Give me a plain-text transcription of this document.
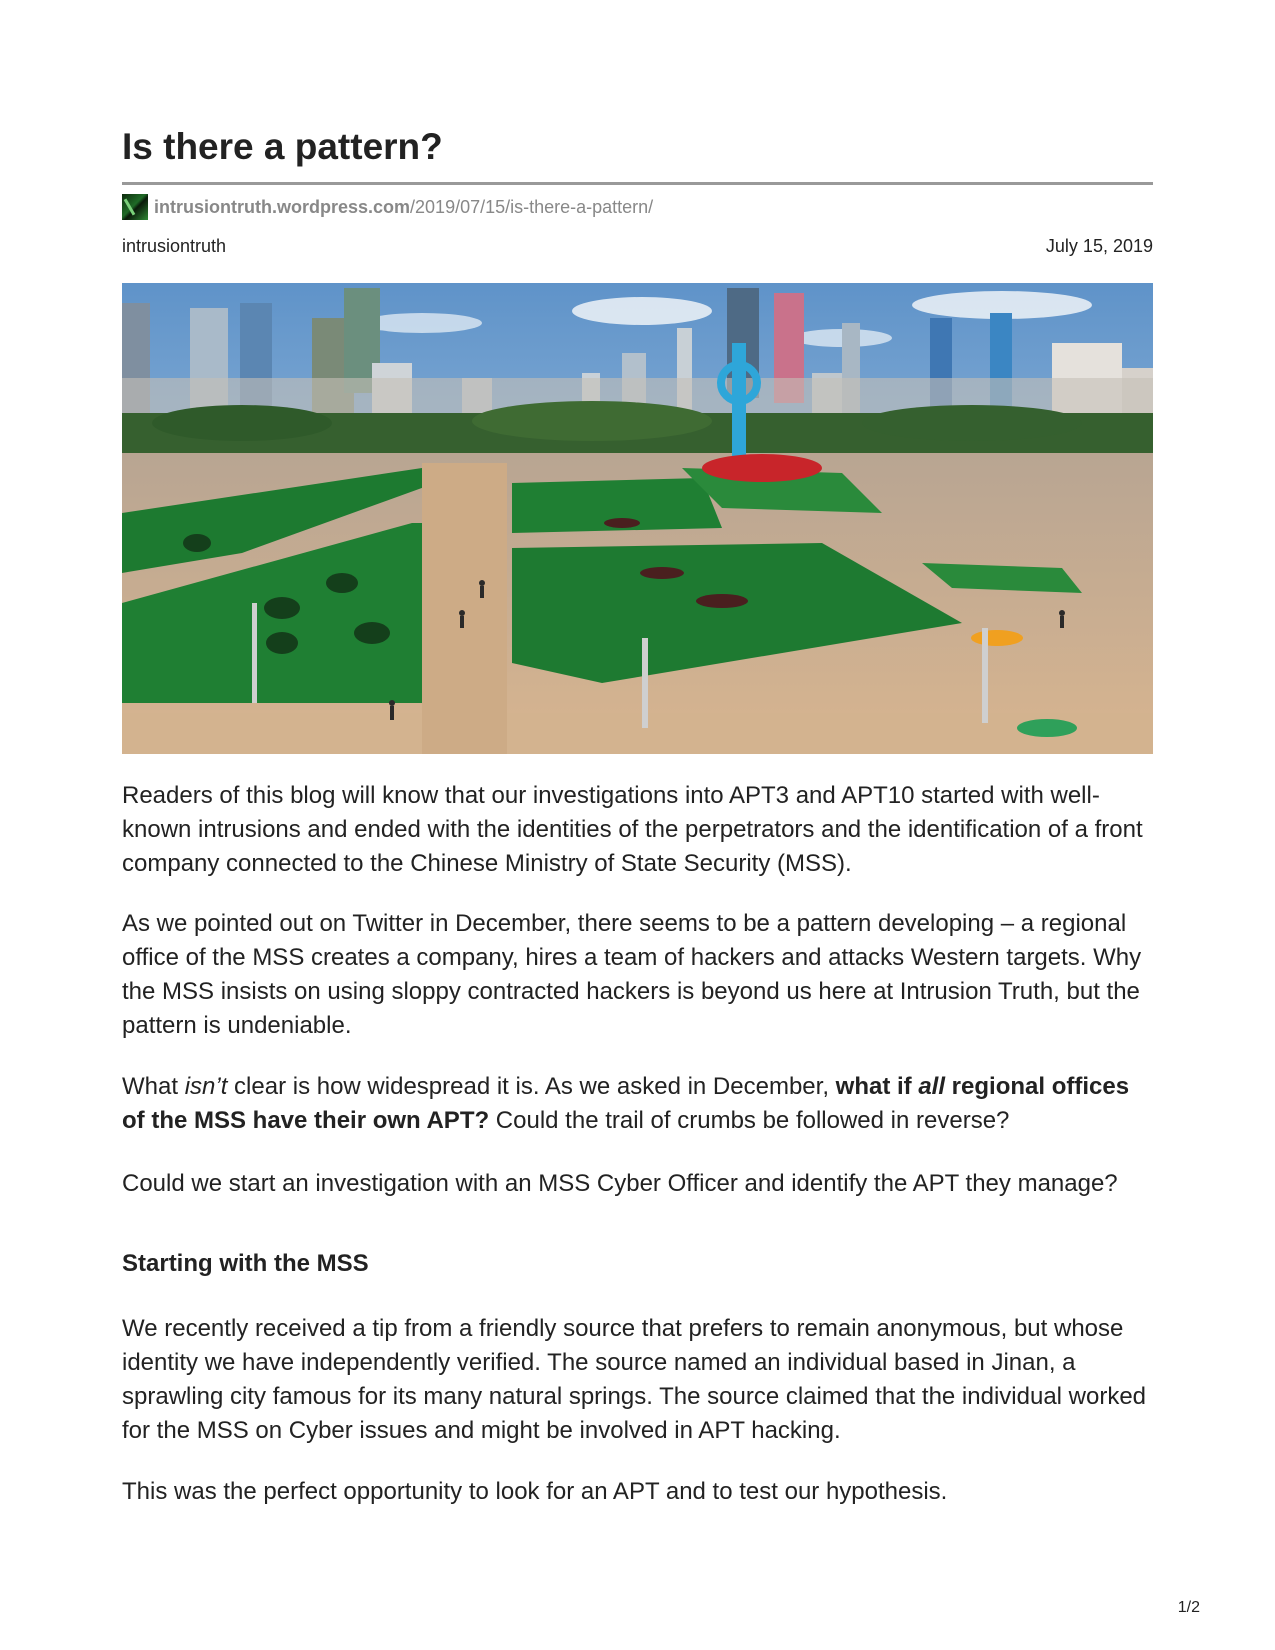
Is there a pattern?
intrusiontruth.wordpress.com /2019/07/15/is-there-a-pattern/
intrusiontruth	July 15, 2019

Readers of this blog will know that our investigations into APT3 and APT10 started with well-known intrusions and ended with the identities of the perpetrators and the identification of a front company connected to the Chinese Ministry of State Security (MSS).

As we pointed out on Twitter in December, there seems to be a pattern developing – a regional office of the MSS creates a company, hires a team of hackers and attacks Western targets. Why the MSS insists on using sloppy contracted hackers is beyond us here at Intrusion Truth, but the pattern is undeniable.

What isn’t clear is how widespread it is. As we asked in December, what if all regional offices of the MSS have their own APT? Could the trail of crumbs be followed in reverse?

Could we start an investigation with an MSS Cyber Officer and identify the APT they manage?

Starting with the MSS

We recently received a tip from a friendly source that prefers to remain anonymous, but whose identity we have independently verified. The source named an individual based in Jinan, a sprawling city famous for its many natural springs. The source claimed that the individual worked for the MSS on Cyber issues and might be involved in APT hacking.

This was the perfect opportunity to look for an APT and to test our hypothesis.

1/2
